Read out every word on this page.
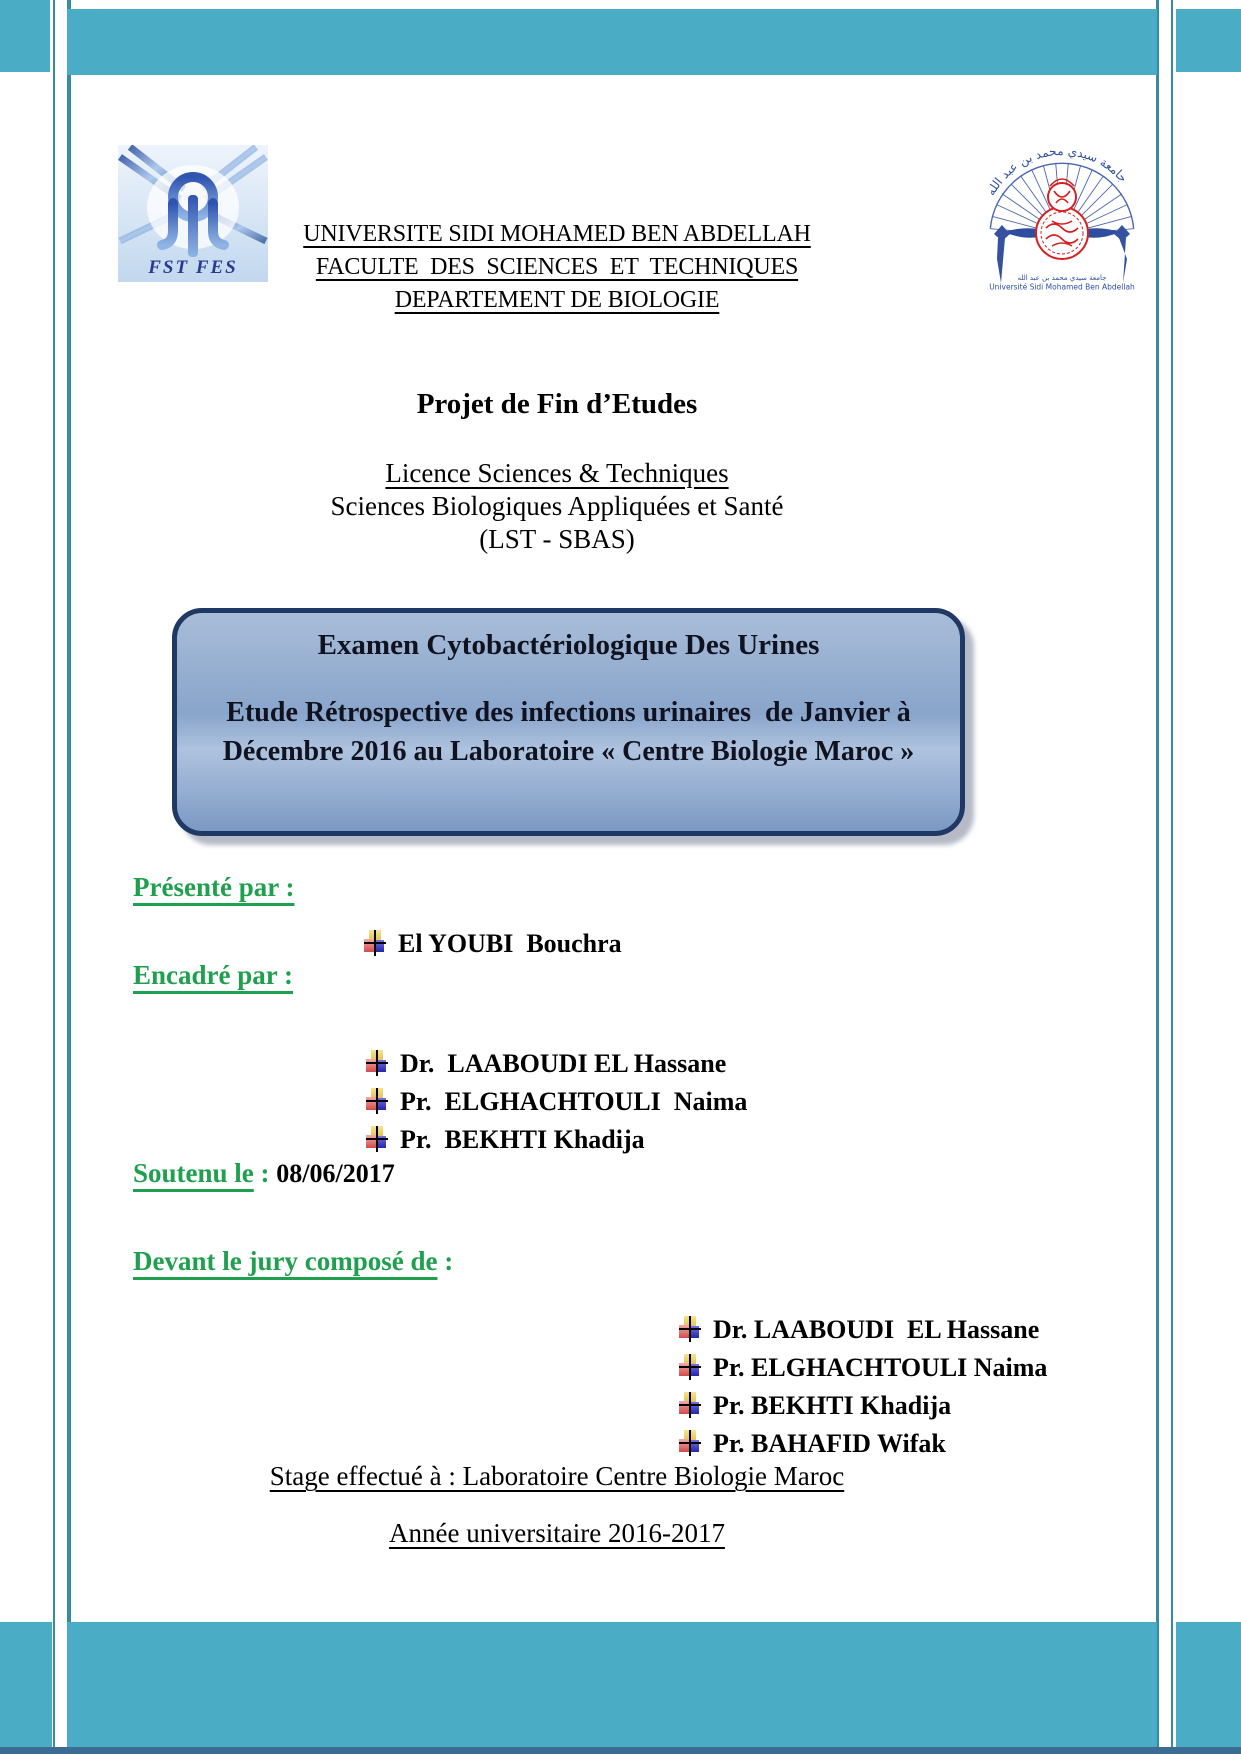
FST FES
جامعة سيدي محمد بن عبد الله
جامعة سيدي محمد بن عبد الله
Université Sidi Mohamed Ben Abdellah
UNIVERSITE SIDI MOHAMED BEN ABDELLAH
FACULTE  DES  SCIENCES  ET  TECHNIQUES
DEPARTEMENT DE BIOLOGIE
Projet de Fin d’Etudes
Licence Sciences & Techniques
Sciences Biologiques Appliquées et Santé
(LST - SBAS)
Examen Cytobactériologique Des Urines
Etude Rétrospective des infections urinaires  de Janvier à
Décembre 2016 au Laboratoire « Centre Biologie Maroc »
Présenté par :

El YOUBI  Bouchra

Encadré par :

Dr.  LAABOUDI EL Hassane

Pr.  ELGHACHTOULI  Naima

Pr.  BEKHTI Khadija

Soutenu le : 08/06/2017
Devant le jury composé de :

Dr. LAABOUDI  EL Hassane

Pr. ELGHACHTOULI Naima

Pr. BEKHTI Khadija

Pr. BAHAFID Wifak

Stage effectué à : Laboratoire Centre Biologie Maroc
Année universitaire 2016-2017
